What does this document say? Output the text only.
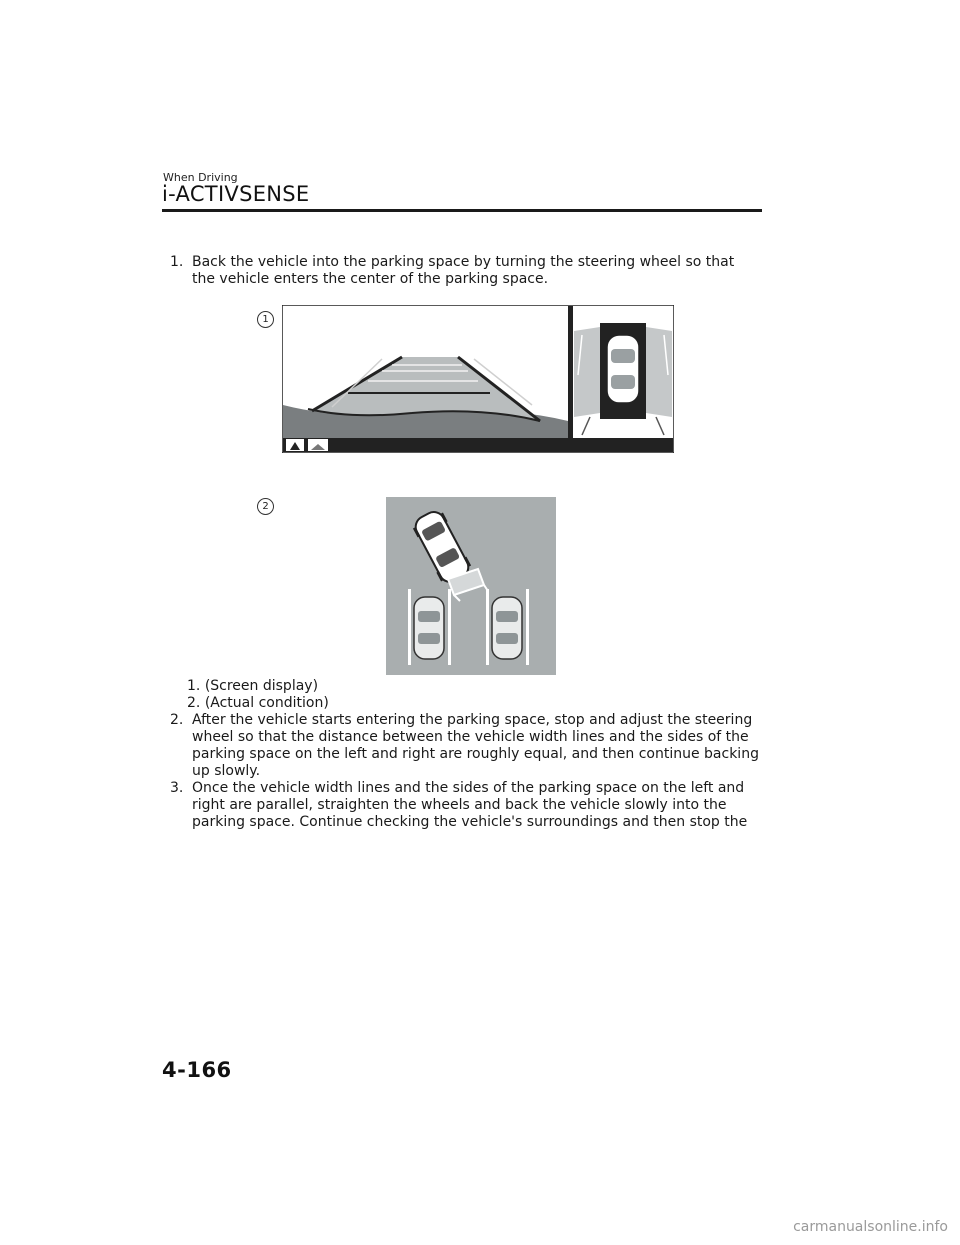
When Driving
i-ACTIVSENSE
1. Back the vehicle into the parking space by turning the steering wheel so that the vehicle enters the center of the parking space.
1
2
1. (Screen display)
2. (Actual condition)
2. After the vehicle starts entering the parking space, stop and adjust the steering wheel so that the distance between the vehicle width lines and the sides of the parking space on the left and right are roughly equal, and then continue backing up slowly.
3. Once the vehicle width lines and the sides of the parking space on the left and right are parallel, straighten the wheels and back the vehicle slowly into the parking space. Continue checking the vehicle's surroundings and then stop the
4-166
carmanualsonline.info
